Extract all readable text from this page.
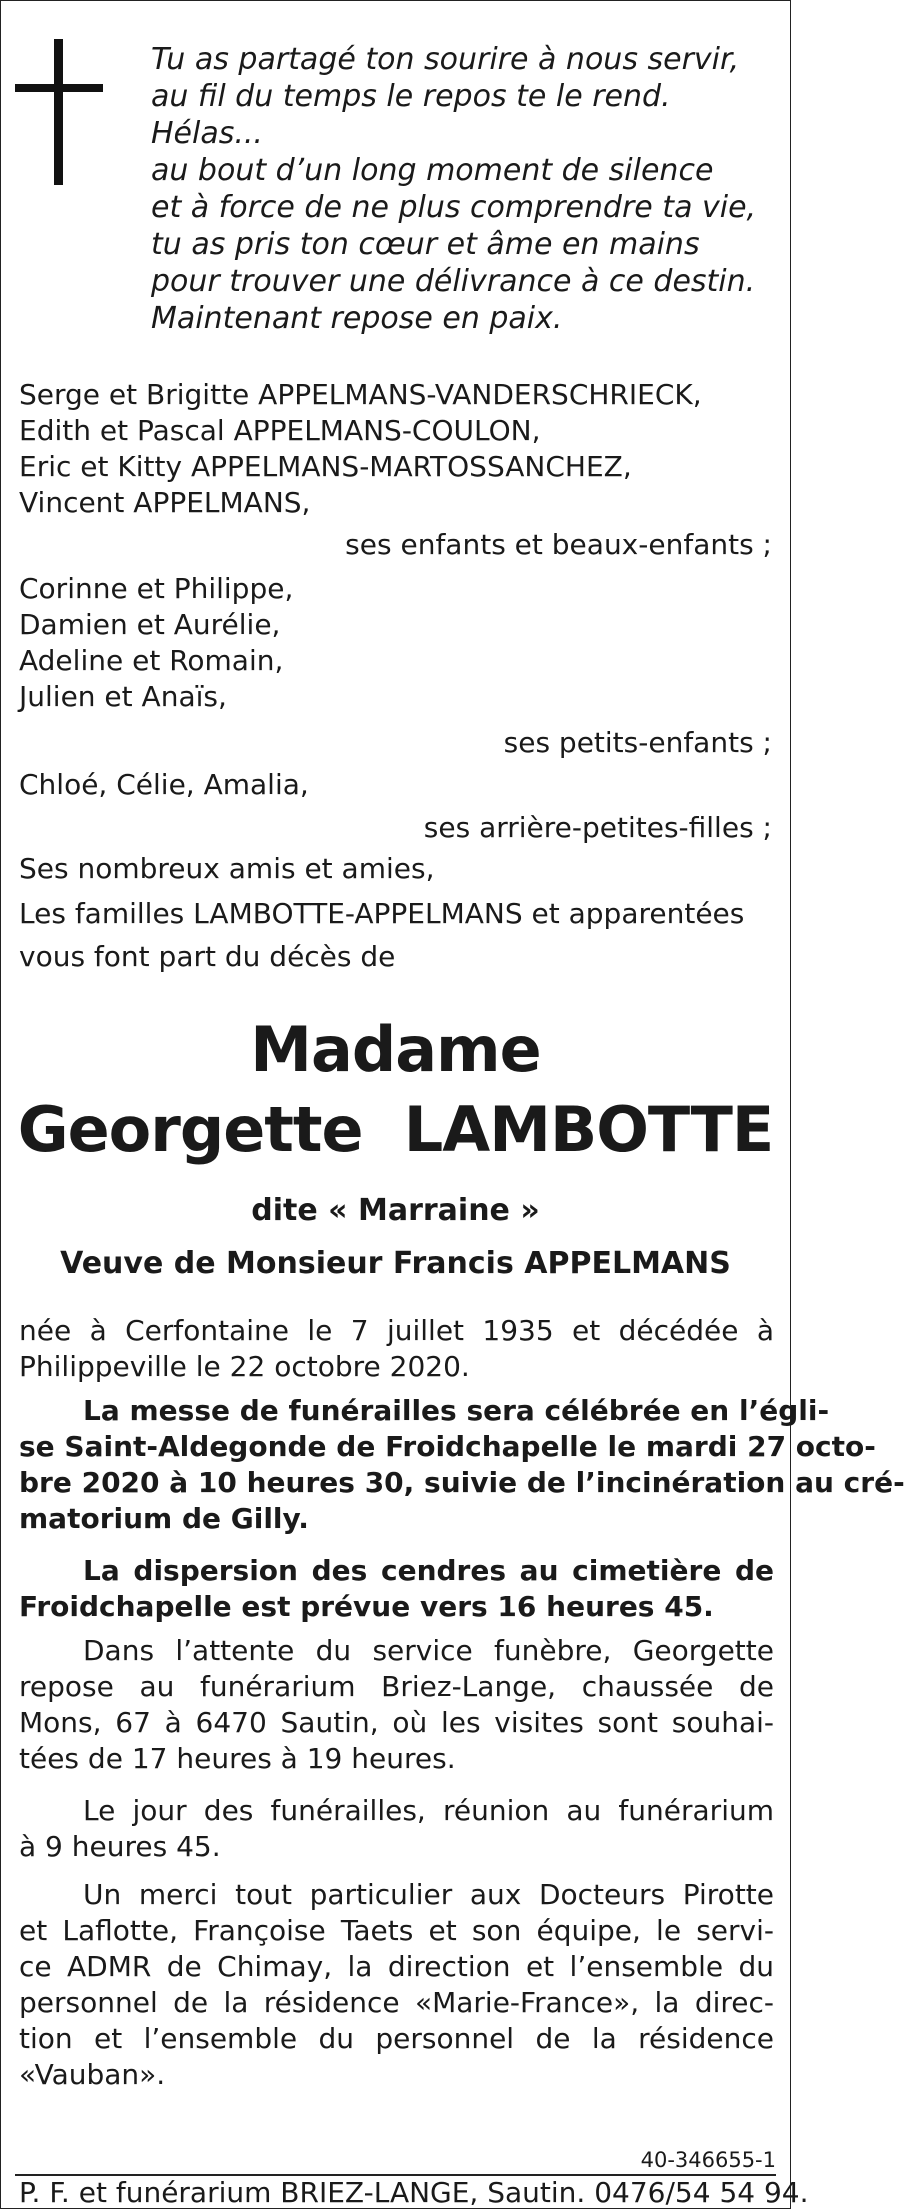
Tu as partagé ton sourire à nous servir,
au fil du temps le repos te le rend.
Hélas...
au bout d’un long moment de silence
et à force de ne plus comprendre ta vie,
tu as pris ton cœur et âme en mains
pour trouver une délivrance à ce destin.
Maintenant repose en paix.
Serge et Brigitte APPELMANS-VANDERSCHRIECK,
Edith et Pascal APPELMANS-COULON,
Eric et Kitty APPELMANS-MARTOSSANCHEZ,
Vincent APPELMANS,
ses enfants et beaux-enfants ;
Corinne et Philippe,
Damien et Aurélie,
Adeline et Romain,
Julien et Anaïs,
ses petits-enfants ;
Chloé, Célie, Amalia,
ses arrière-petites-filles ;
Ses nombreux amis et amies,
Les familles LAMBOTTE-APPELMANS et apparentées
vous font part du décès de
Madame
Georgette  LAMBOTTE
dite « Marraine »
Veuve de Monsieur Francis APPELMANS
née à Cerfontaine le 7 juillet 1935 et décédée à
Philippeville le 22 octobre 2020.
La messe de funérailles sera célébrée en l’égli-
se Saint-Aldegonde de Froidchapelle le mardi 27 octo-
bre 2020 à 10 heures 30, suivie de l’incinération au cré-
matorium de Gilly.
La dispersion des cendres au cimetière de
Froidchapelle est prévue vers 16 heures 45.
Dans l’attente du service funèbre, Georgette
repose au funérarium Briez-Lange, chaussée de
Mons, 67 à 6470 Sautin, où les visites sont souhai-
tées de 17 heures à 19 heures.
Le jour des funérailles, réunion au funérarium
à 9 heures 45.
Un merci tout particulier aux Docteurs Pirotte
et Laflotte, Françoise Taets et son équipe, le servi-
ce ADMR de Chimay, la direction et l’ensemble du
personnel de la résidence «Marie-France», la direc-
tion et l’ensemble du personnel de la résidence
«Vauban».
40-346655-1
P. F. et funérarium BRIEZ-LANGE, Sautin. 0476/54 54 94.
